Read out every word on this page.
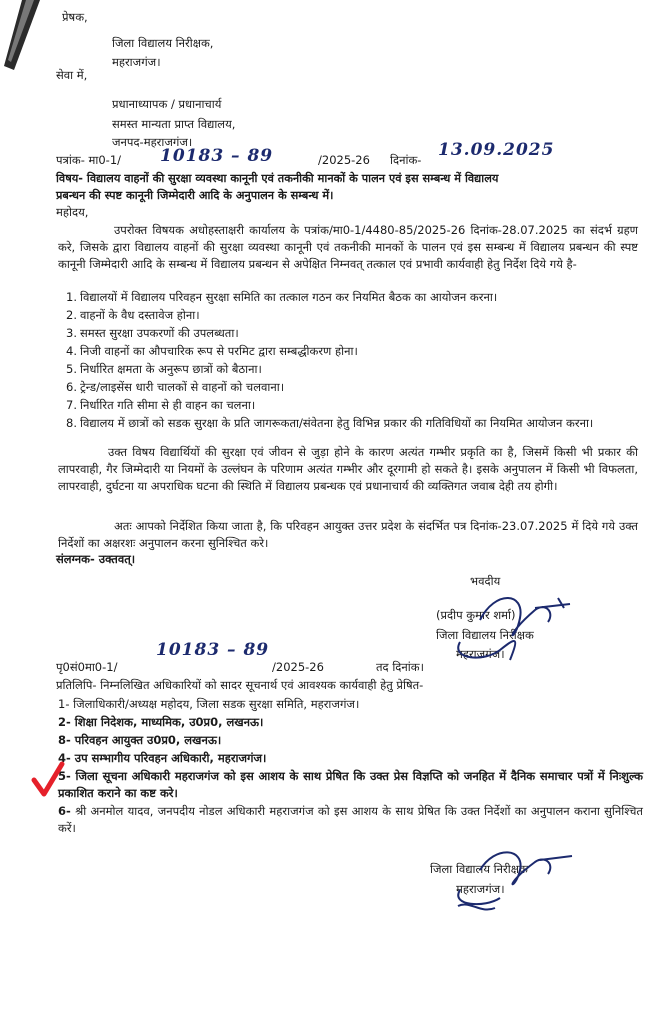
प्रेषक,
जिला विद्यालय निरीक्षक,
महराजगंज।
सेवा में,
प्रधानाध्यापक / प्रधानाचार्य
समस्त मान्यता प्राप्त विद्यालय,
जनपद-महराजगंज।
पत्रांक- मा0-1/ 10183 – 89	/2025-26 दिनांक- 13.09.2025
विषय- विद्यालय वाहनों की सुरक्षा व्यवस्था कानूनी एवं तकनीकी मानकों के पालन एवं इस सम्बन्ध में विद्यालय
प्रबन्धन की स्पष्ट कानूनी जिम्मेदारी आदि के अनुपालन के सम्बन्ध में।
महोदय,
उपरोक्त विषयक अधोहस्ताक्षरी कार्यालय के पत्रांक/मा0-1/4480-85/2025-26 दिनांक-28.07.2025 का संदर्भ ग्रहण करे, जिसके द्वारा विद्यालय वाहनों की सुरक्षा व्यवस्था कानूनी एवं तकनीकी मानकों के पालन एवं इस सम्बन्ध में विद्यालय प्रबन्धन की स्पष्ट कानूनी जिम्मेदारी आदि के सम्बन्ध में विद्यालय प्रबन्धन से अपेक्षित निम्नवत् तत्काल एवं प्रभावी कार्यवाही हेतु निर्देश दिये गये है-
1. विद्यालयों में विद्यालय परिवहन सुरक्षा समिति का तत्काल गठन कर नियमित बैठक का आयोजन करना।
2. वाहनों के वैध दस्तावेज होना।
3. समस्त सुरक्षा उपकरणों की उपलब्धता।
4. निजी वाहनों का औपचारिक रूप से परमिट द्वारा सम्बद्धीकरण होना।
5. निर्धारित क्षमता के अनुरूप छात्रों को बैठाना।
6. ट्रेन्ड/लाइसेंस धारी चालकों से वाहनों को चलवाना।
7. निर्धारित गति सीमा से ही वाहन का चलना।
8. विद्यालय में छात्रों को सडक सुरक्षा के प्रति जागरूकता/संवेतना हेतु विभिन्न प्रकार की गतिविधियों का नियमित आयोजन करना।
उक्त विषय विद्यार्थियों की सुरक्षा एवं जीवन से जुड़ा होने के कारण अत्यंत गम्भीर प्रकृति का है, जिसमें किसी भी प्रकार की लापरवाही, गैर जिम्मेदारी या नियमों के उल्लंघन के परिणाम अत्यंत गम्भीर और दूरगामी हो सकते है। इसके अनुपालन में किसी भी विफलता, लापरवाही, दुर्घटना या अपराधिक घटना की स्थिति में विद्यालय प्रबन्धक एवं प्रधानाचार्य की व्यक्तिगत जवाब देही तय होगी।
अतः आपको निर्देशित किया जाता है, कि परिवहन आयुक्त उत्तर प्रदेश के संदर्भित पत्र दिनांक-23.07.2025 में दिये गये उक्त निर्देशों का अक्षरशः अनुपालन करना सुनिश्चित करे।
संलग्नक- उक्तवत्।
भवदीय
(प्रदीप कुमार शर्मा)
जिला विद्यालय निरीक्षक
महराजगंज।
पृ0सं0मा0-1/
10183 – 89
/2025-26	तद दिनांक।
प्रतिलिपि- निम्नलिखित अधिकारियों को सादर सूचनार्थ एवं आवश्यक कार्यवाही हेतु प्रेषित-
1- जिलाधिकारी/अध्यक्ष महोदय, जिला सडक सुरक्षा समिति, महराजगंज।
2- शिक्षा निदेशक, माध्यमिक, उ0प्र0, लखनऊ।
8- परिवहन आयुक्त उ0प्र0, लखनऊ।
4- उप सम्भागीय परिवहन अधिकारी, महराजगंज।
5- जिला सूचना अधिकारी महराजगंज को इस आशय के साथ प्रेषित कि उक्त प्रेस विज्ञप्ति को जनहित में दैनिक समाचार पत्रों में निःशुल्क प्रकाशित कराने का कष्ट करे।
6- श्री अनमोल यादव, जनपदीय नोडल अधिकारी महराजगंज को इस आशय के साथ प्रेषित कि उक्त निर्देशों का अनुपालन कराना सुनिश्चित करें।
जिला विद्यालय निरीक्षक
महराजगंज।
